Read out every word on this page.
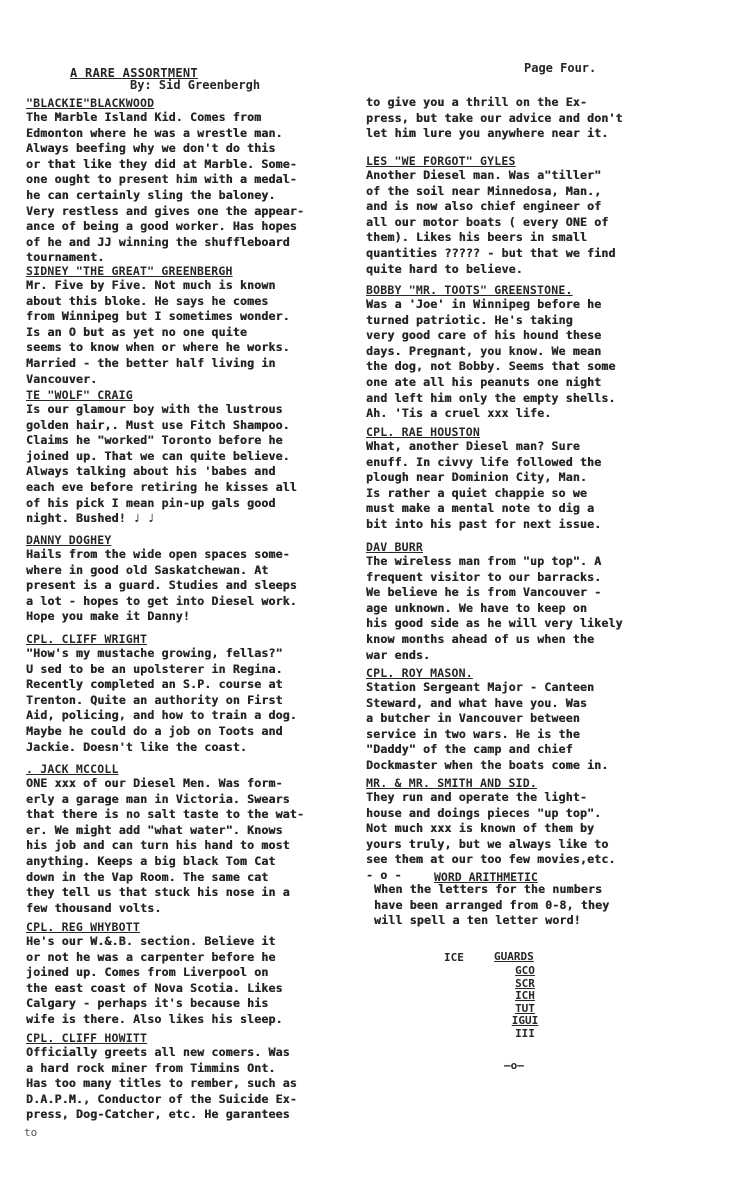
A RARE ASSORTMENT
By: Sid Greenbergh
Page Four.
"BLACKIE"BLACKWOOD
The Marble Island Kid. Comes from
Edmonton where he was a wrestle man.
Always beefing why we don't do this
or that like they did at Marble. Some-
one ought to present him with a medal-
he can certainly sling the baloney.
Very restless and gives one the appear-
ance of being a good worker. Has hopes
of he and JJ winning the shuffleboard
tournament.
SIDNEY "THE GREAT" GREENBERGH
Mr. Five by Five. Not much is known
about this bloke. He says he comes
from Winnipeg but I sometimes wonder.
Is an O but as yet no one quite
seems to know when or where he works.
Married - the better half living in
Vancouver.
TE "WOLF" CRAIG
Is our glamour boy with the lustrous
golden hair,. Must use Fitch Shampoo.
Claims he "worked" Toronto before he
joined up. That we can quite believe.
Always talking about his 'babes and
each eve before retiring he kisses all
of his pick I mean pin-up gals good
night. Bushed! ♩ ♩
DANNY DOGHEY
Hails from the wide open spaces some-
where in good old Saskatchewan. At
present is a guard. Studies and sleeps
a lot - hopes to get into Diesel work.
Hope you make it Danny!
CPL. CLIFF WRIGHT
"How's my mustache growing, fellas?"
U sed to be an upolsterer in Regina.
Recently completed an S.P. course at
Trenton. Quite an authority on First
Aid, policing, and how to train a dog.
Maybe he could do a job on Toots and
Jackie. Doesn't like the coast.
. JACK MCCOLL
ONE xxx of our Diesel Men. Was form-
erly a garage man in Victoria. Swears
that there is no salt taste to the wat-
er. We might add "what water". Knows
his job and can turn his hand to most
anything. Keeps a big black Tom Cat
down in the Vap Room. The same cat
they tell us that stuck his nose in a
few thousand volts.
CPL. REG WHYBOTT
He's our W.&.B. section. Believe it
or not he was a carpenter before he
joined up. Comes from Liverpool on
the east coast of Nova Scotia. Likes
Calgary - perhaps it's because his
wife is there. Also likes his sleep.
CPL. CLIFF HOWITT
Officially greets all new comers. Was
a hard rock miner from Timmins Ont.
Has too many titles to rember, such as
D.A.P.M., Conductor of the Suicide Ex-
press, Dog-Catcher, etc. He garantees
to give you a thrill on the Ex-
press, but take our advice and don't
let him lure you anywhere near it.
LES "WE FORGOT" GYLES
Another Diesel man. Was a"tiller"
of the soil near Minnedosa, Man.,
and is now also chief engineer of
all our motor boats ( every ONE of
them). Likes his beers in small
quantities ????? - but that we find
quite hard to believe.
BOBBY "MR. TOOTS" GREENSTONE.
Was a 'Joe' in Winnipeg before he
turned patriotic. He's taking
very good care of his hound these
days. Pregnant, you know. We mean
the dog, not Bobby. Seems that some
one ate all his peanuts one night
and left him only the empty shells.
Ah. 'Tis a cruel xxx life.
CPL. RAE HOUSTON
What, another Diesel man? Sure
enuff. In civvy life followed the
plough near Dominion City, Man.
Is rather a quiet chappie so we
must make a mental note to dig a
bit into his past for next issue.
DAV BURR
The wireless man from "up top". A
frequent visitor to our barracks.
We believe he is from Vancouver -
age unknown. We have to keep on
his good side as he will very likely
know months ahead of us when the
war ends.
CPL. ROY MASON.
Station Sergeant Major - Canteen
Steward, and what have you. Was
a butcher in Vancouver between
service in two wars. He is the
"Daddy" of the camp and chief
Dockmaster when the boats come in.
MR. & MR. SMITH AND SID.
They run and operate the light-
house and doings pieces "up top".
Not much xxx is known of them by
yours truly, but we always like to
see them at our too few movies,etc.
- o -
When the letters for the numbers
have been arranged from 0-8, they
will spell a ten letter word!
WORD ARITHMETIC
ICE	GUARDS
GCO
SCR
ICH
TUT
IGUI
III
—o—
to
